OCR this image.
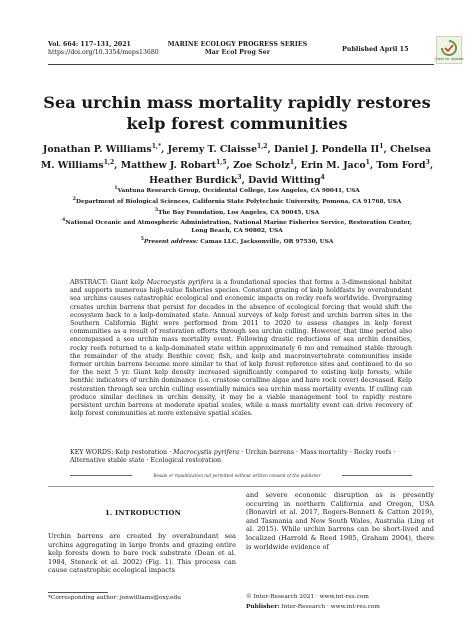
Vol. 664: 117–131, 2021
https://doi.org/10.3354/meps13680
MARINE ECOLOGY PROGRESS SERIES
Mar Ecol Prog Ser	Published April 15
Check for updates
Sea urchin mass mortality rapidly restores kelp forest communities
Jonathan P. Williams$^{1,*}$, Jeremy T. Claisse$^{1,2}$, Daniel J. Pondella $II^1$, Chelsea M. Williams$^{1,2}$, Matthew J. Robart$^{1,5}$, Zoe Scholz$^1$, Erin M. Jaco$^1$, Tom Ford$^3$, Heather Burdick$^3$, David Witting$^4$
$^1$Vantuna Research Group, Occidental College, Los Angeles, CA 90041, USA
$^2$Department of Biological Sciences, California State Polytechnic University, Pomona, CA 91768, USA
$^3$The Bay Foundation, Los Angeles, CA 90045, USA
$^4$National Oceanic and Atmospheric Administration, National Marine Fisheries Service, Restoration Center, Long Beach, CA 90802, USA
$^5$Present address: Camas LLC, Jacksonville, OR 97530, USA
ABSTRACT: Giant kelp Macrocystis pyrifera is a foundational species that forms a 3-dimensional habitat and supports numerous high-value fisheries species. Constant grazing of kelp holdfasts by overabundant sea urchins causes catastrophic ecological and economic impacts on rocky reefs worldwide. Overgrazing creates urchin barrens that persist for decades in the absence of ecological forcing that would shift the ecosystem back to a kelp-dominated state. Annual surveys of kelp forest and urchin barren sites in the Southern California Bight were performed from 2011 to 2020 to assess changes in kelp forest communities as a result of restoration efforts through sea urchin culling. However, that time period also encompassed a sea urchin mass mortality event. Following drastic reductions of sea urchin densities, rocky reefs returned to a kelp-dominated state within approximately 6 mo and remained stable through the remainder of the study. Benthic cover, fish, and kelp and macroinvertebrate communities inside former urchin barrens became more similar to that of kelp forest reference sites and continued to do so for the next 5 yr. Giant kelp density increased significantly compared to existing kelp forests, while benthic indicators of urchin dominance (i.e. crustose coralline algae and bare rock cover) decreased. Kelp restoration through sea urchin culling essentially mimics sea urchin mass mortality events. If culling can produce similar declines in urchin density, it may be a viable management tool to rapidly restore persistent urchin barrens at moderate spatial scales, while a mass mortality event can drive recovery of kelp forest communities at more extensive spatial scales.
KEY WORDS: Kelp restoration · Macrocystis pyrifera · Urchin barrens · Mass mortality · Rocky reefs · Alternative stable state · Ecological restoration
Resale or republication not permitted without written consent of the publisher
1. INTRODUCTION
Urchin barrens are created by overabundant sea urchins aggregating in large fronts and grazing entire kelp forests down to bare rock substrate (Dean et al. 1984, Steneck et al. 2002) (Fig. 1). This process can cause catastrophic ecological impacts
and severe economic disruption as is presently occurring in northern California and Oregon, USA (Bonaviri et al. 2017, Rogers-Bennett & Catton 2019), and Tasmania and New South Wales, Australia (Ling et al. 2015). While urchin barrens can be short-lived and localized (Harrold & Reed 1985, Graham 2004), there is worldwide evidence of
*Corresponding author: jonwilliams@oxy.edu	© Inter-Research 2021 · www.int-res.com
Publisher: Inter-Research · www.int-res.com
